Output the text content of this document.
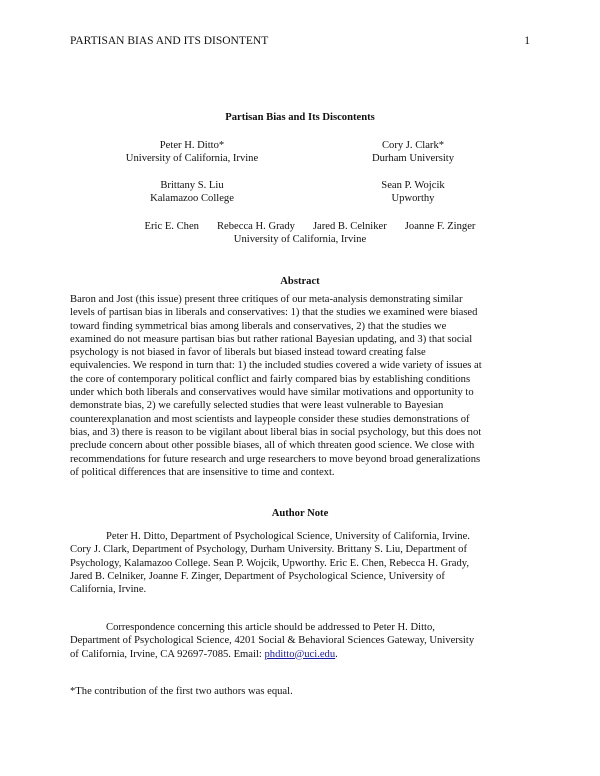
PARTISAN BIAS AND ITS DISONTENT	1
Partisan Bias and Its Discontents
Peter H. Ditto*
University of California, Irvine
Cory J. Clark*
Durham University
Brittany S. Liu
Kalamazoo College
Sean P. Wojcik
Upworthy
Eric E. Chen Rebecca H. Grady Jared B. Celniker Joanne F. Zinger
University of California, Irvine
Abstract
Baron and Jost (this issue) present three critiques of our meta-analysis demonstrating similar
levels of partisan bias in liberals and conservatives: 1) that the studies we examined were biased
toward finding symmetrical bias among liberals and conservatives, 2) that the studies we
examined do not measure partisan bias but rather rational Bayesian updating, and 3) that social
psychology is not biased in favor of liberals but biased instead toward creating false
equivalencies. We respond in turn that: 1) the included studies covered a wide variety of issues at
the core of contemporary political conflict and fairly compared bias by establishing conditions
under which both liberals and conservatives would have similar motivations and opportunity to
demonstrate bias, 2) we carefully selected studies that were least vulnerable to Bayesian
counterexplanation and most scientists and laypeople consider these studies demonstrations of
bias, and 3) there is reason to be vigilant about liberal bias in social psychology, but this does not
preclude concern about other possible biases, all of which threaten good science. We close with
recommendations for future research and urge researchers to move beyond broad generalizations
of political differences that are insensitive to time and context.
Author Note
Peter H. Ditto, Department of Psychological Science, University of California, Irvine.
Cory J. Clark, Department of Psychology, Durham University. Brittany S. Liu, Department of
Psychology, Kalamazoo College. Sean P. Wojcik, Upworthy. Eric E. Chen, Rebecca H. Grady,
Jared B. Celniker, Joanne F. Zinger, Department of Psychological Science, University of
California, Irvine.
Correspondence concerning this article should be addressed to Peter H. Ditto,
Department of Psychological Science, 4201 Social & Behavioral Sciences Gateway, University
of California, Irvine, CA 92697-7085. Email: phditto@uci.edu.
*The contribution of the first two authors was equal.
